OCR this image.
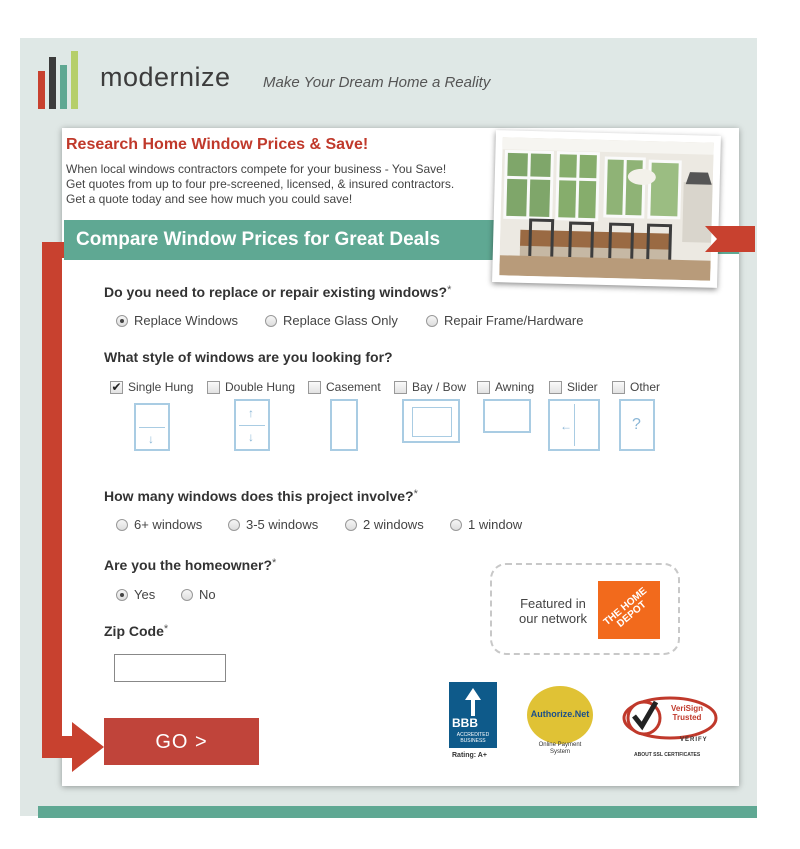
modernize Make Your Dream Home a Reality
Research Home Window Prices & Save!
When local windows contractors compete for your business - You Save!
Get quotes from up to four pre-screened, licensed, & insured contractors.
Get a quote today and see how much you could save!
Compare Window Prices for Great Deals
Do you need to replace or repair existing windows?*
Replace Windows	Replace Glass Only	Repair Frame/Hardware
What style of windows are you looking for?
✔ Single Hung	Double Hung	Casement	Bay / Bow Awning	Slider	Other
↓
↑
↓
←	?
How many windows does this project involve?*
6+ windows	3-5 windows	2 windows	1 window
Are you the homeowner?*
Yes	No
Zip Code*
GO >
Featured in
our network	THE HOME DEPOT
BBB
ACCREDITED BUSINESS
Rating: A+
Authorize.Net
Online Payment System
VeriSign Trusted
VERIFY
ABOUT SSL CERTIFICATES
